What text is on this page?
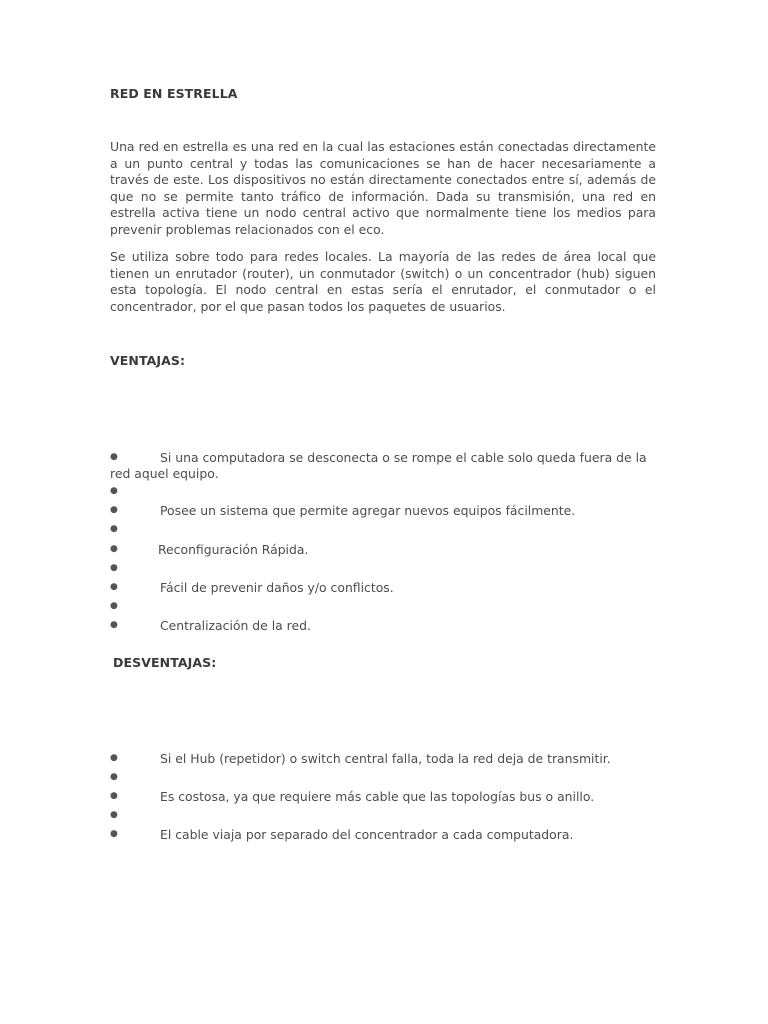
RED EN ESTRELLA

Una red en estrella es una red en la cual las estaciones están conectadas directamente a un punto central y todas las comunicaciones se han de hacer necesariamente a través de este. Los dispositivos no están directamente conectados entre sí, además de que no se permite tanto tráfico de información. Dada su transmisión, una red en estrella activa tiene un nodo central activo que normalmente tiene los medios para prevenir problemas relacionados con el eco.

Se utiliza sobre todo para redes locales. La mayoría de las redes de área local que tienen un enrutador (router), un conmutador (switch) o un concentrador (hub) siguen esta topología. El nodo central en estas sería el enrutador, el conmutador o el concentrador, por el que pasan todos los paquetes de usuarios.

VENTAJAS:
●	Si una computadora se desconecta o se rompe el cable solo queda fuera de la red aquel equipo.
●
●	Posee un sistema que permite agregar nuevos equipos fácilmente.
●
●	Reconfiguración Rápida.
●
●	Fácil de prevenir daños y/o conflictos.
●
●	Centralización de la red.
DESVENTAJAS:
●	Si el Hub (repetidor) o switch central falla, toda la red deja de transmitir.
●
●	Es costosa, ya que requiere más cable que las topologías bus o anillo.
●
●	El cable viaja por separado del concentrador a cada computadora.
